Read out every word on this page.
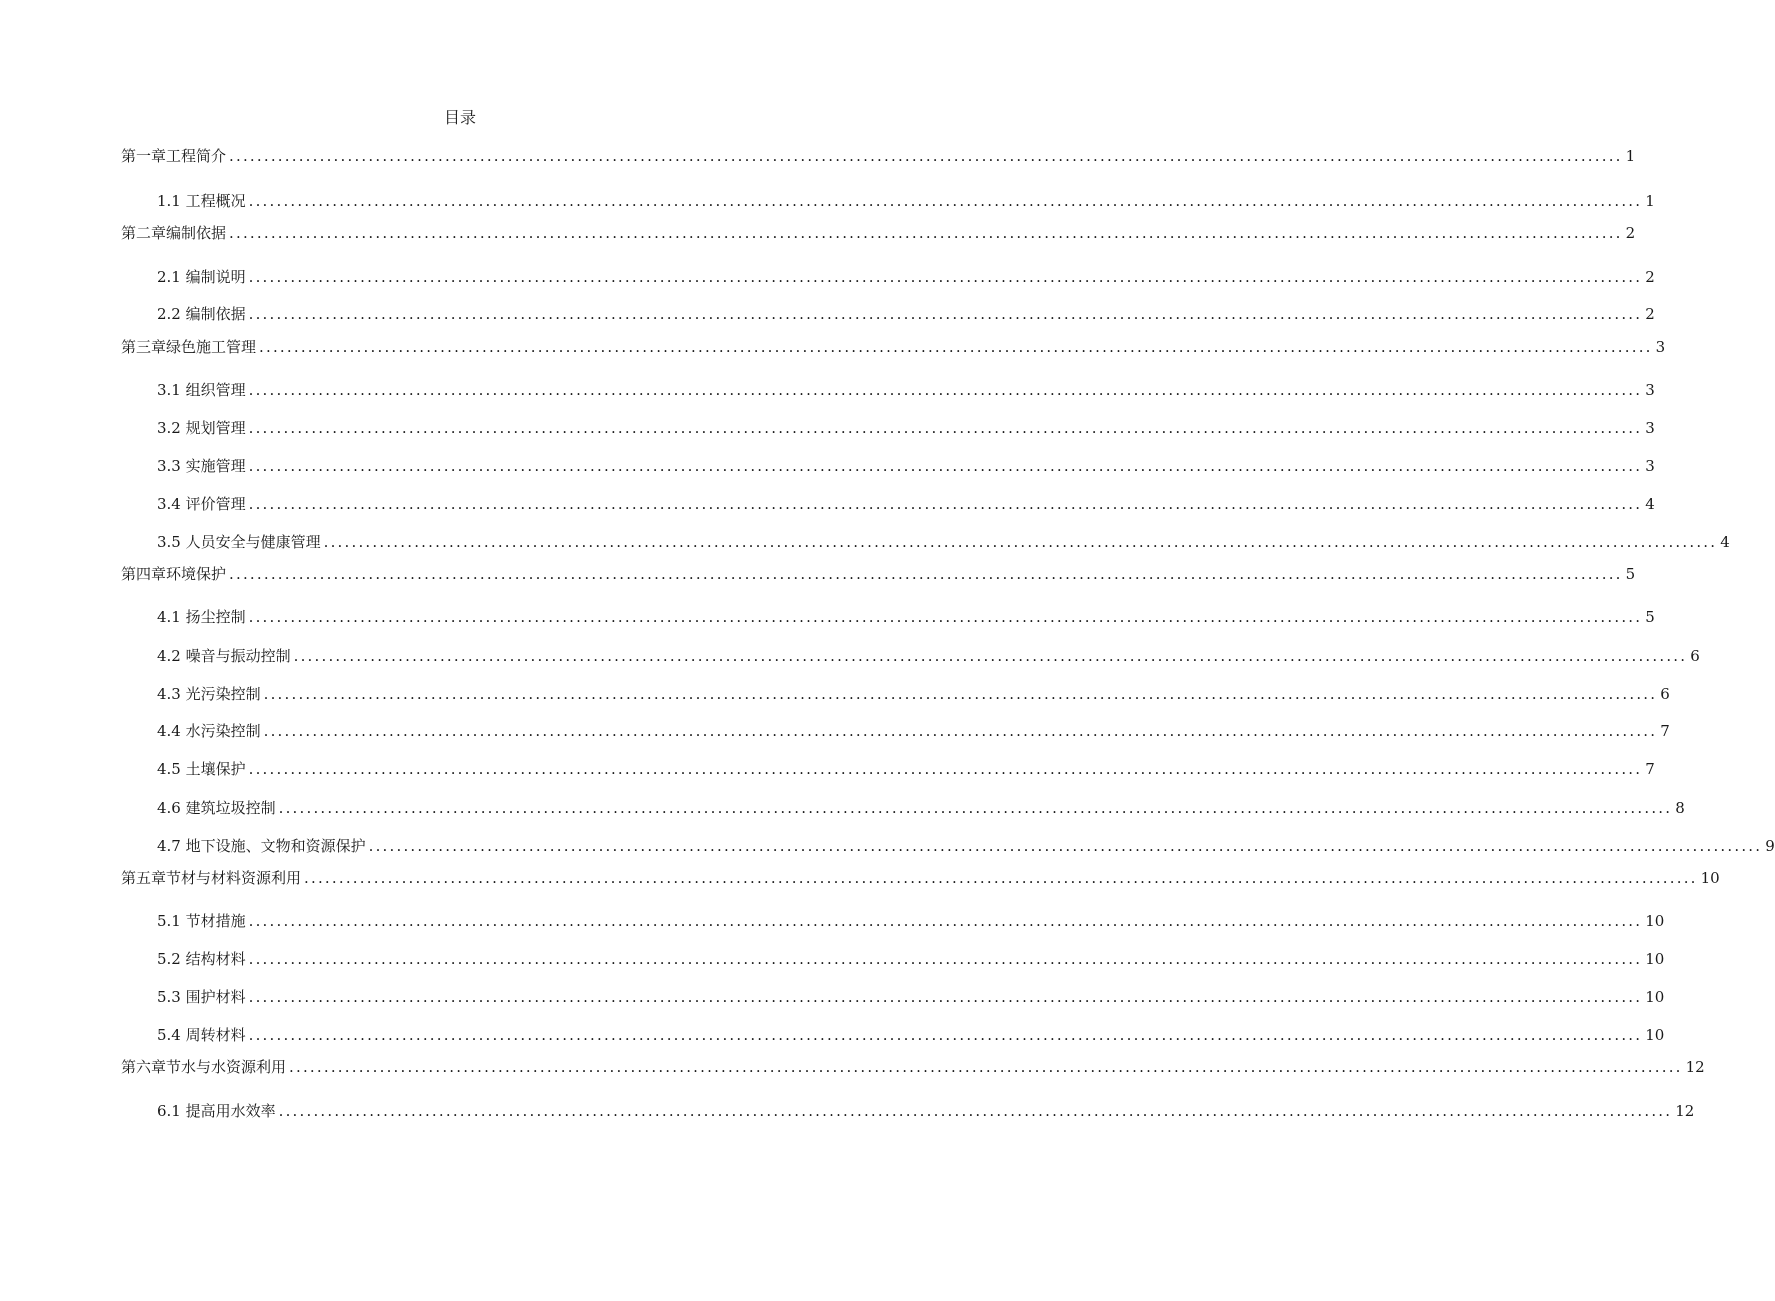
目录
第一章工程简介 ........................................................................................................................................................................................................ 1
1.1 工程概况 ........................................................................................................................................................................................................ 1
第二章编制依据 ........................................................................................................................................................................................................ 2
2.1 编制说明 ........................................................................................................................................................................................................ 2
2.2 编制依据 ........................................................................................................................................................................................................ 2
第三章绿色施工管理 ........................................................................................................................................................................................................ 3
3.1 组织管理 ........................................................................................................................................................................................................ 3
3.2 规划管理 ........................................................................................................................................................................................................ 3
3.3 实施管理 ........................................................................................................................................................................................................ 3
3.4 评价管理 ........................................................................................................................................................................................................ 4
3.5 人员安全与健康管理 ........................................................................................................................................................................................................ 4
第四章环境保护 ........................................................................................................................................................................................................ 5
4.1 扬尘控制 ........................................................................................................................................................................................................ 5
4.2 噪音与振动控制 ........................................................................................................................................................................................................ 6
4.3 光污染控制 ........................................................................................................................................................................................................ 6
4.4 水污染控制 ........................................................................................................................................................................................................ 7
4.5 土壤保护 ........................................................................................................................................................................................................ 7
4.6 建筑垃圾控制 ........................................................................................................................................................................................................ 8
4.7 地下设施、文物和资源保护 ........................................................................................................................................................................................................ 9
第五章节材与材料资源利用 ........................................................................................................................................................................................................ 10
5.1 节材措施 ........................................................................................................................................................................................................ 10
5.2 结构材料 ........................................................................................................................................................................................................ 10
5.3 围护材料 ........................................................................................................................................................................................................ 10
5.4 周转材料 ........................................................................................................................................................................................................ 10
第六章节水与水资源利用 ........................................................................................................................................................................................................ 12
6.1 提高用水效率 ........................................................................................................................................................................................................ 12
